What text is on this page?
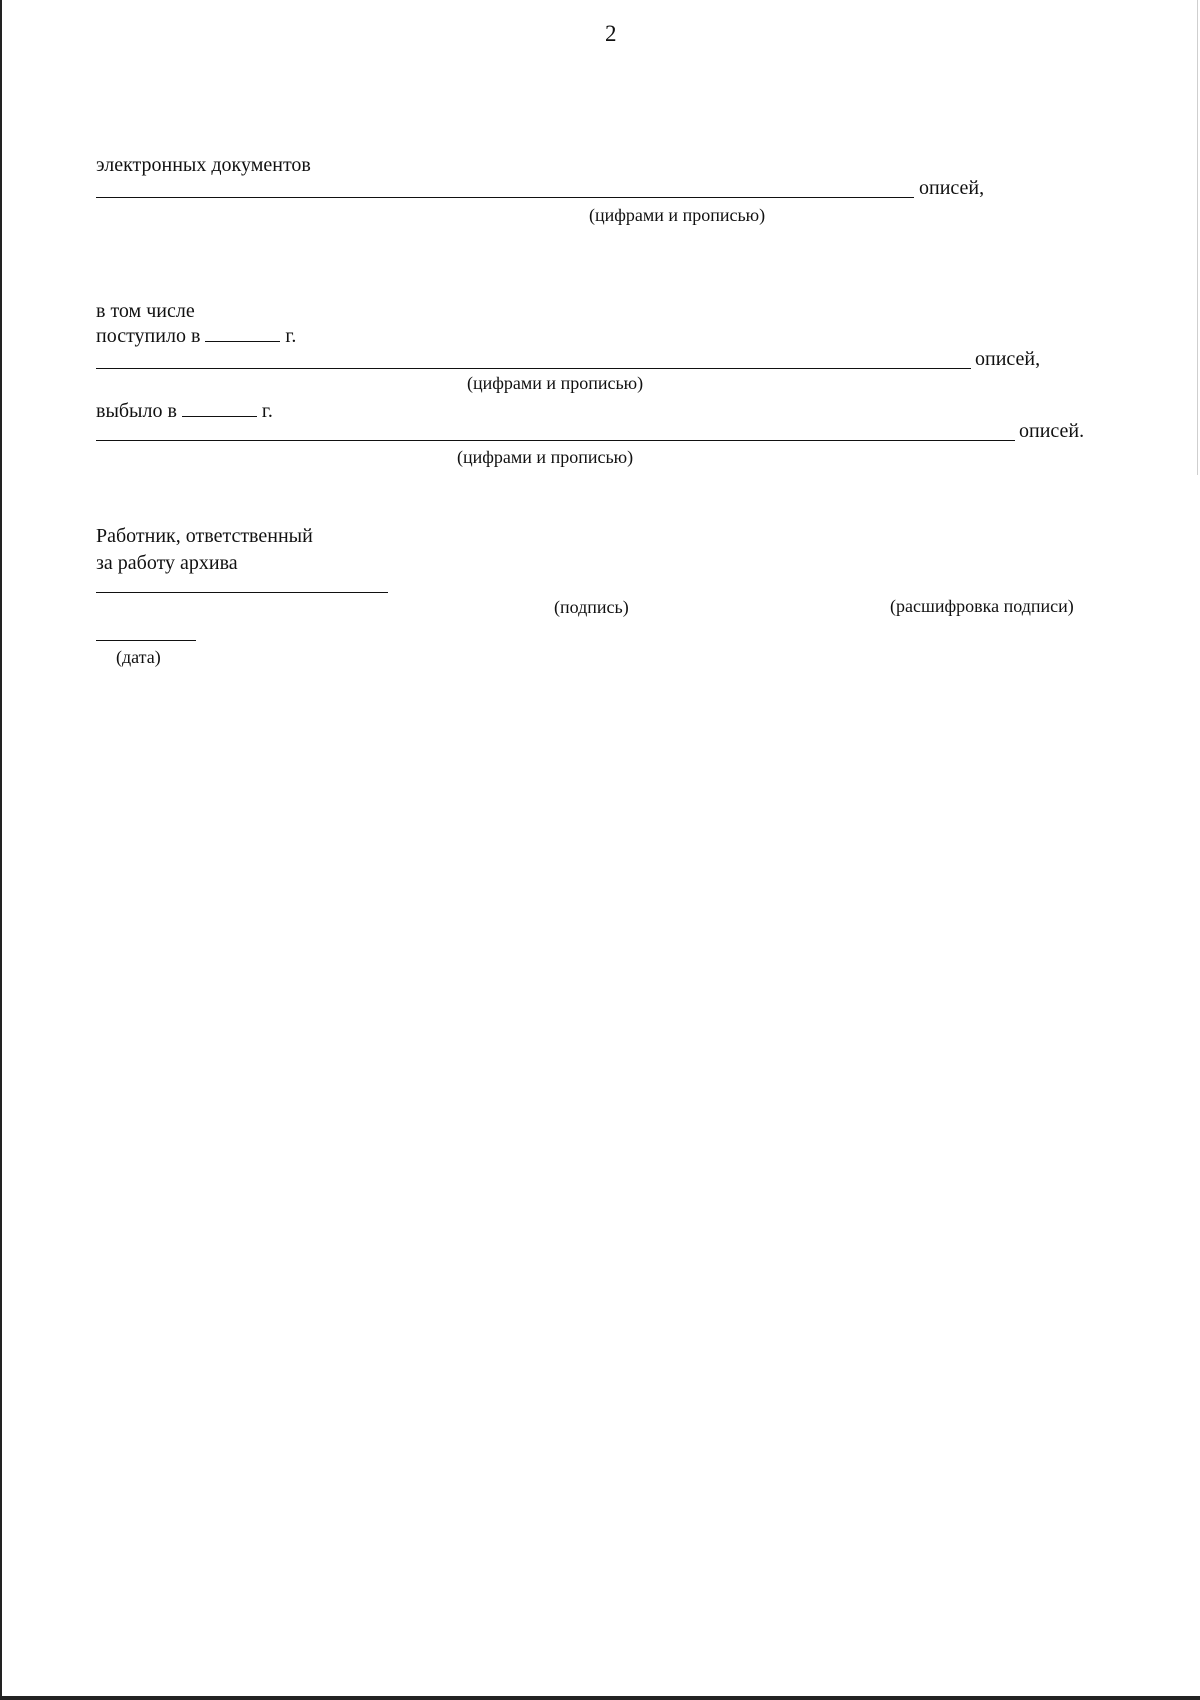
2
электронных документов
описей,
(цифрами и прописью)
в том числе
поступило в	г.
описей,
(цифрами и прописью)
выбыло в	г.
описей.
(цифрами и прописью)
Работник, ответственный
за работу архива
(подпись)	(расшифровка подписи)
(дата)
